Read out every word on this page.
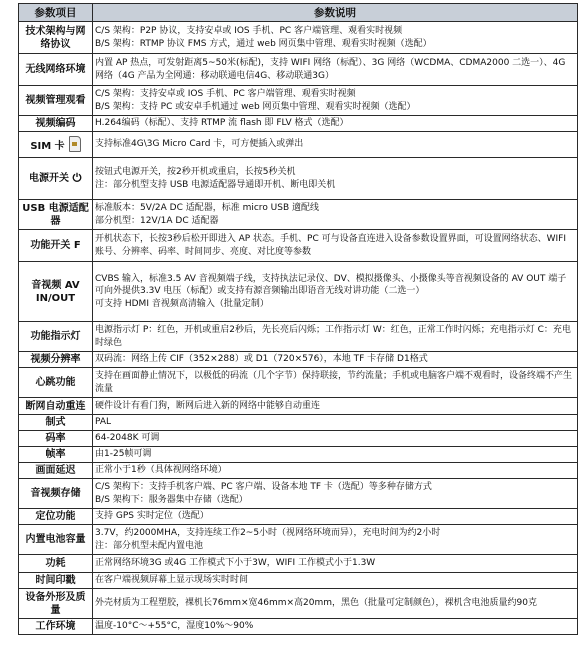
参数项目	参数说明
技术架构与网络协议	C/S 架构：P2P 协议，支持安卓或 IOS 手机、PC 客户端管理、观看实时视频
B/S 架构：RTMP 协议 FMS 方式，通过 web 网页集中管理、观看实时视频（选配）

无线网络环境	内置 AP 热点，可发射距离5~50米(标配)，支持 WIFI 网络（标配）、3G 网络（WCDMA、CDMA2000 二选一）、4G 网络（4G 产品为全网通：移动联通电信4G、移动联通3G）

视频管理观看	C/S 架构：支持安卓或 IOS 手机、PC 客户端管理、观看实时视频
B/S 架构：支持 PC 或安卓手机通过 web 网页集中管理、观看实时视频（选配）

视频编码	H.264编码（标配）、支持 RTMP 流 flash 即 FLV 格式（选配）

SIM 卡	支持标准4G\3G Micro Card 卡，可方便插入或弹出

电源开关	按钮式电源开关，按2秒开机或重启，长按5秒关机
注：部分机型支持 USB 电源适配器导通即开机、断电即关机

USB 电源适配器	标准版本：5V/2A DC 适配器，标准 micro USB 適配线
部分机型：12V/1A DC 适配器

功能开关 F	开机状态下，长按3秒后松开即进入 AP 状态。手机、PC 可与设备直连进入设备参数设置界面，可设置网络状态、WIFI 账号、分辨率、码率、时间同步、亮度、对比度等参数

音视频 AV IN/OUT	CVBS 输入，标准3.5 AV 音视频端子线，支持执法记录仪、DV、模拟摄像头、小摄像头等音视频设备的 AV OUT 端子
可向外提供3.3V 电压（标配）或支持有源音频输出即语音无线对讲功能（二选一）
可支持 HDMI 音视频高清输入（批量定制）

功能指示灯	电源指示灯 P：红色，开机或重启2秒后，先长亮后闪烁；工作指示灯 W：红色，正常工作时闪烁；充电指示灯 C：充电时绿色

视频分辨率	双码流：网络上传 CIF（352×288）或 D1（720×576），本地 TF 卡存储 D1格式

心跳功能	支持在画面静止情况下，以极低的码流（几个字节）保持联接，节约流量；手机或电脑客户端不观看时，设备终端不产生流量

断网自动重连	硬件设计有看门狗，断网后进入新的网络中能够自动重连

制式	PAL

码率	64-2048K 可调

帧率	由1-25帧可调

画面延迟	正常小于1秒（具体视网络环境）

音视频存储	C/S 架构下：支持手机客户端、PC 客户端、设备本地 TF 卡（选配）等多种存储方式
B/S 架构下：服务器集中存储（选配）

定位功能	支持 GPS 实时定位（选配）

内置电池容量	3.7V，约2000MHA，支持连续工作2~5小时（视网络环境而异），充电时间为约2小时
注：部分机型未配内置电池

功耗	正常网络环境3G 或4G 工作模式下小于3W，WIFI 工作模式小于1.3W

时间印戳	在客户端视频屏幕上显示现场实时时间

设备外形及质量	外壳材质为工程塑胶，裸机长76mm×宽46mm×高20mm，黑色（批量可定制颜色），裸机含电池质量约90克

工作环境	温度-10°C～+55°C，湿度10%～90%
